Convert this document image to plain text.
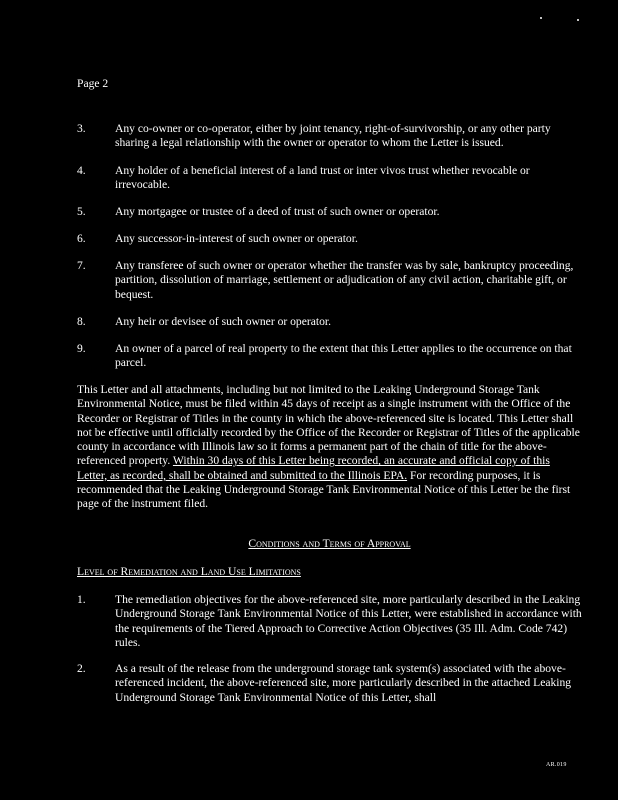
Page 2
3.	Any co-owner or co-operator, either by joint tenancy, right-of-survivorship, or any other party sharing a legal relationship with the owner or operator to whom the Letter is issued.
4.	Any holder of a beneficial interest of a land trust or inter vivos trust whether revocable or irrevocable.
5.	Any mortgagee or trustee of a deed of trust of such owner or operator.
6.	Any successor-in-interest of such owner or operator.
7.	Any transferee of such owner or operator whether the transfer was by sale, bankruptcy proceeding, partition, dissolution of marriage, settlement or adjudication of any civil action, charitable gift, or bequest.
8.	Any heir or devisee of such owner or operator.
9.	An owner of a parcel of real property to the extent that this Letter applies to the occurrence on that parcel.
This Letter and all attachments, including but not limited to the Leaking Underground Storage Tank Environmental Notice, must be filed within 45 days of receipt as a single instrument with the Office of the Recorder or Registrar of Titles in the county in which the above-referenced site is located. This Letter shall not be effective until officially recorded by the Office of the Recorder or Registrar of Titles of the applicable county in accordance with Illinois law so it forms a permanent part of the chain of title for the above-referenced property. Within 30 days of this Letter being recorded, an accurate and official copy of this Letter, as recorded, shall be obtained and submitted to the Illinois EPA. For recording purposes, it is recommended that the Leaking Underground Storage Tank Environmental Notice of this Letter be the first page of the instrument filed.
Conditions and Terms of Approval
Level of Remediation and Land Use Limitations
1.	The remediation objectives for the above-referenced site, more particularly described in the Leaking Underground Storage Tank Environmental Notice of this Letter, were established in accordance with the requirements of the Tiered Approach to Corrective Action Objectives (35 Ill. Adm. Code 742) rules.
2.	As a result of the release from the underground storage tank system(s) associated with the above-referenced incident, the above-referenced site, more particularly described in the attached Leaking Underground Storage Tank Environmental Notice of this Letter, shall
AR.019
